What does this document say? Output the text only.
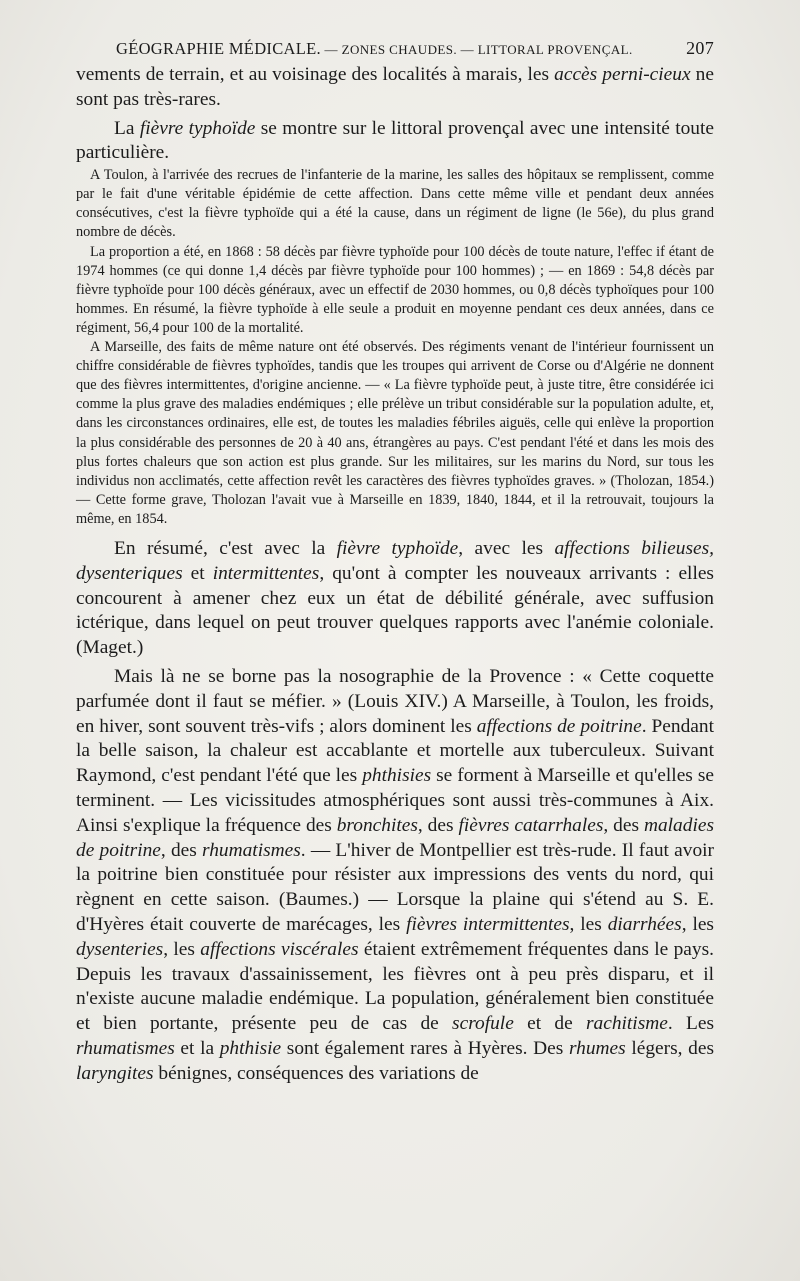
GÉOGRAPHIE MÉDICALE. — ZONES CHAUDES. — LITTORAL PROVENÇAL.	207

vements de terrain, et au voisinage des localités à marais, les accès perni-cieux ne sont pas très-rares.

La fièvre typhoïde se montre sur le littoral provençal avec une intensité toute particulière.

A Toulon, à l'arrivée des recrues de l'infanterie de la marine, les salles des hôpitaux se remplissent, comme par le fait d'une véritable épidémie de cette affection. Dans cette même ville et pendant deux années consécutives, c'est la fièvre typhoïde qui a été la cause, dans un régiment de ligne (le 56e), du plus grand nombre de décès.

La proportion a été, en 1868 : 58 décès par fièvre typhoïde pour 100 décès de toute nature, l'effec if étant de 1974 hommes (ce qui donne 1,4 décès par fièvre typhoïde pour 100 hommes) ; — en 1869 : 54,8 décès par fièvre typhoïde pour 100 décès généraux, avec un effectif de 2030 hommes, ou 0,8 décès typhoïques pour 100 hommes. En résumé, la fièvre typhoïde à elle seule a produit en moyenne pendant ces deux années, dans ce régiment, 56,4 pour 100 de la mortalité.

A Marseille, des faits de même nature ont été observés. Des régiments venant de l'intérieur fournissent un chiffre considérable de fièvres typhoïdes, tandis que les troupes qui arrivent de Corse ou d'Algérie ne donnent que des fièvres intermittentes, d'origine ancienne. — « La fièvre typhoïde peut, à juste titre, être considérée ici comme la plus grave des maladies endémiques ; elle prélève un tribut considérable sur la population adulte, et, dans les circonstances ordinaires, elle est, de toutes les maladies fébriles aiguës, celle qui enlève la proportion la plus considérable des personnes de 20 à 40 ans, étrangères au pays. C'est pendant l'été et dans les mois des plus fortes chaleurs que son action est plus grande. Sur les militaires, sur les marins du Nord, sur tous les individus non acclimatés, cette affection revêt les caractères des fièvres typhoïdes graves. » (Tholozan, 1854.) — Cette forme grave, Tholozan l'avait vue à Marseille en 1839, 1840, 1844, et il la retrouvait, toujours la même, en 1854.

En résumé, c'est avec la fièvre typhoïde, avec les affections bilieuses, dysenteriques et intermittentes, qu'ont à compter les nouveaux arrivants : elles concourent à amener chez eux un état de débilité générale, avec suffusion ictérique, dans lequel on peut trouver quelques rapports avec l'anémie coloniale. (Maget.)

Mais là ne se borne pas la nosographie de la Provence : « Cette coquette parfumée dont il faut se méfier. » (Louis XIV.) A Marseille, à Toulon, les froids, en hiver, sont souvent très-vifs ; alors dominent les affections de poitrine. Pendant la belle saison, la chaleur est accablante et mortelle aux tuberculeux. Suivant Raymond, c'est pendant l'été que les phthisies se forment à Marseille et qu'elles se terminent. — Les vicissitudes atmosphériques sont aussi très-communes à Aix. Ainsi s'explique la fréquence des bronchites, des fièvres catarrhales, des maladies de poitrine, des rhumatismes. — L'hiver de Montpellier est très-rude. Il faut avoir la poitrine bien constituée pour résister aux impressions des vents du nord, qui règnent en cette saison. (Baumes.) — Lorsque la plaine qui s'étend au S. E. d'Hyères était couverte de marécages, les fièvres intermittentes, les diarrhées, les dysenteries, les affections viscérales étaient extrêmement fréquentes dans le pays. Depuis les travaux d'assainissement, les fièvres ont à peu près disparu, et il n'existe aucune maladie endémique. La population, généralement bien constituée et bien portante, présente peu de cas de scrofule et de rachitisme. Les rhumatismes et la phthisie sont également rares à Hyères. Des rhumes légers, des laryngites bénignes, conséquences des variations de
